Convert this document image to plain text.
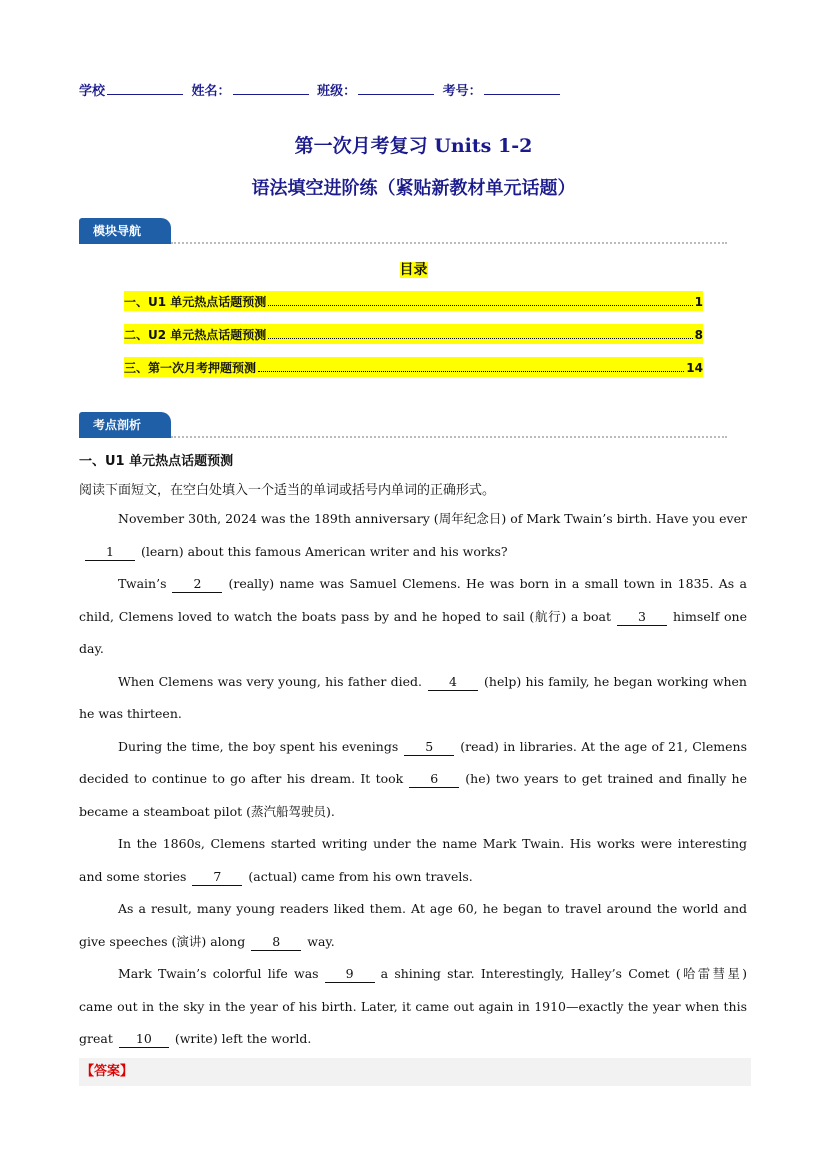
学校	姓名：	班级：	考号：
第一次月考复习 Units 1-2
语法填空进阶练（紧贴新教材单元话题）
模块导航
目录
一、U1 单元热点话题预测	1
二、U2 单元热点话题预测	8
三、第一次月考押题预测	14
考点剖析
一、U1 单元热点话题预测
阅读下面短文，在空白处填入一个适当的单词或括号内单词的正确形式。

November 30th, 2024 was the 189th anniversary (周年纪念日) of Mark Twain’s birth. Have you ever1 (learn) about this famous American writer and his works?

Twain’s 2 (really) name was Samuel Clemens. He was born in a small town in 1835. As a child, Clemens loved to watch the boats pass by and he hoped to sail (航行) a boat 3 himself one day.

When Clemens was very young, his father died. 4 (help) his family, he began working when he was thirteen.

During the time, the boy spent his evenings 5 (read) in libraries. At the age of 21, Clemens decided to continue to go after his dream. It took 6 (he) two years to get trained and finally he became a steamboat pilot (蒸汽船驾驶员).

In the 1860s, Clemens started writing under the name Mark Twain. His works were interesting and some stories 7 (actual) came from his own travels.

As a result, many young readers liked them. At age 60, he began to travel around the world and give speeches (演讲) along 8 way.

Mark Twain’s colorful life was 9 a shining star. Interestingly, Halley’s Comet (哈雷彗星) came out in the sky in the year of his birth. Later, it came out again in 1910—exactly the year when this great 10 (write) left the world.

【答案】
